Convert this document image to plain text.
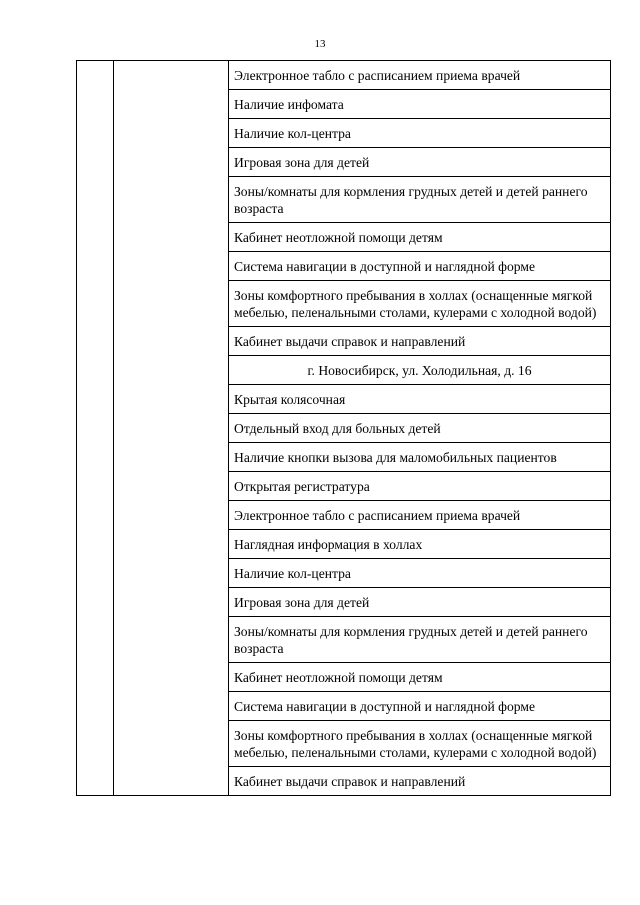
13

Электронное табло с расписанием приема врачей

Наличие инфомата

Наличие кол-центра

Игровая зона для детей

Зоны/комнаты для кормления грудных детей и детей раннего возраста

Кабинет неотложной помощи детям

Система навигации в доступной и наглядной форме

Зоны комфортного пребывания в холлах (оснащенные мягкой мебелью, пеленальными столами, кулерами с холодной водой)

Кабинет выдачи справок и направлений

г. Новосибирск, ул. Холодильная, д. 16

Крытая колясочная

Отдельный вход для больных детей

Наличие кнопки вызова для маломобильных пациентов

Открытая регистратура

Электронное табло с расписанием приема врачей

Наглядная информация в холлах

Наличие кол-центра

Игровая зона для детей

Зоны/комнаты для кормления грудных детей и детей раннего возраста

Кабинет неотложной помощи детям

Система навигации в доступной и наглядной форме

Зоны комфортного пребывания в холлах (оснащенные мягкой мебелью, пеленальными столами, кулерами с холодной водой)

Кабинет выдачи справок и направлений
